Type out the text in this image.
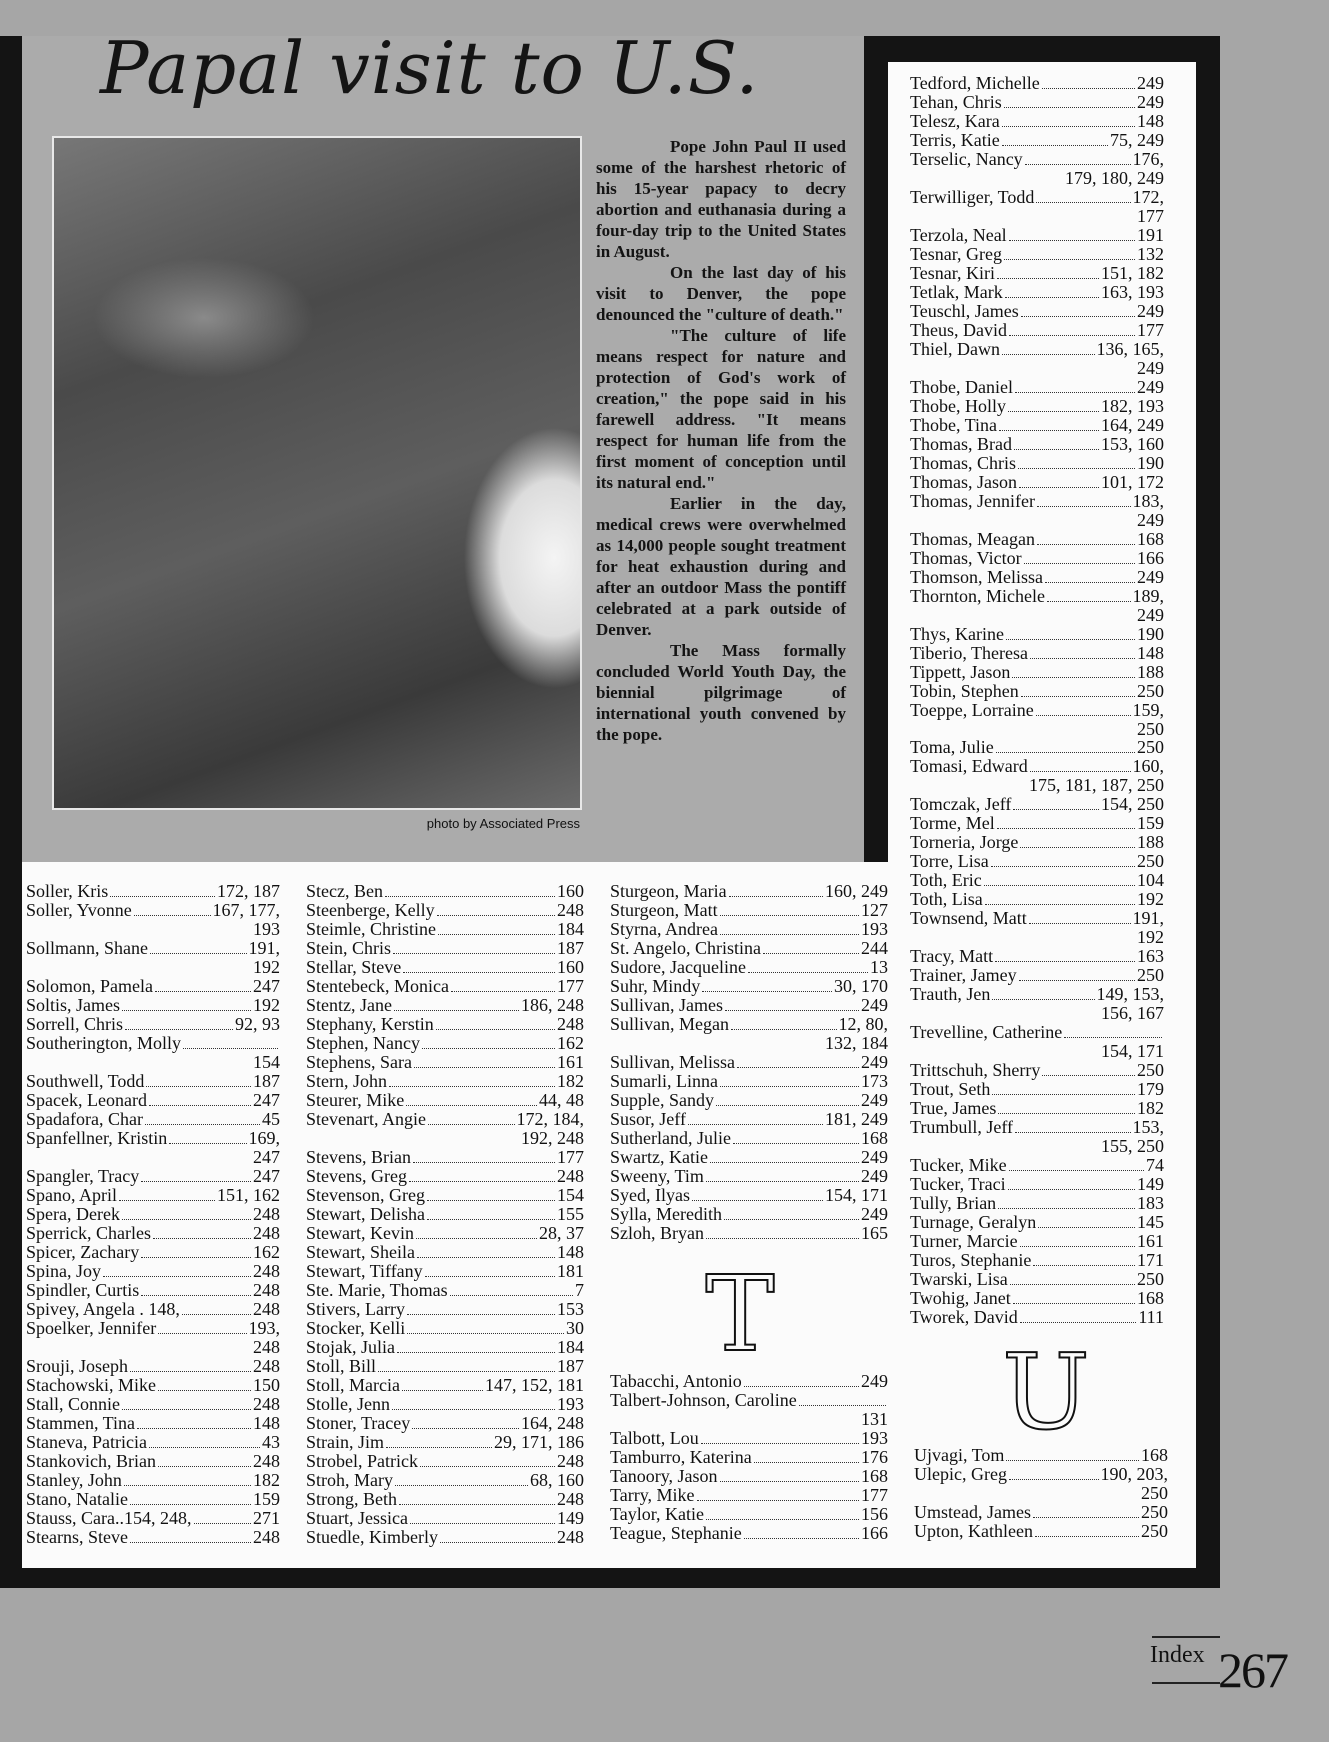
Papal visit to U.S.
photo by Associated Press

Pope John Paul II used some of the harshest rhetoric of his 15-year papacy to decry abortion and euthanasia during a four-day trip to the United States in August.

On the last day of his visit to Denver, the pope denounced the "culture of death."

"The culture of life means respect for nature and protection of God's work of creation," the pope said in his farewell address. "It means respect for human life from the first moment of conception until its natural end."

Earlier in the day, medical crews were overwhelmed as 14,000 people sought treatment for heat exhaustion during and after an outdoor Mass the pontiff celebrated at a park outside of Denver.

The Mass formally concluded World Youth Day, the biennial pilgrimage of international youth convened by the pope.

Soller, Kris	172, 187
Soller, Yvonne	167, 177,
193
Sollmann, Shane	191,
192
Solomon, Pamela	247
Soltis, James	192
Sorrell, Chris	92, 93
Southerington, Molly
154
Southwell, Todd	187
Spacek, Leonard	247
Spadafora, Char	45
Spanfellner, Kristin	169,
247
Spangler, Tracy	247
Spano, April	151, 162
Spera, Derek	248
Sperrick, Charles	248
Spicer, Zachary	162
Spina, Joy	248
Spindler, Curtis	248
Spivey, Angela . 148,	248
Spoelker, Jennifer	193,
248
Srouji, Joseph	248
Stachowski, Mike	150
Stall, Connie	248
Stammen, Tina	148
Staneva, Patricia	43
Stankovich, Brian	248
Stanley, John	182
Stano, Natalie	159
Stauss, Cara..154, 248,	271
Stearns, Steve	248
Stecz, Ben	160
Steenberge, Kelly	248
Steimle, Christine	184
Stein, Chris	187
Stellar, Steve	160
Stentebeck, Monica	177
Stentz, Jane	186, 248
Stephany, Kerstin	248
Stephen, Nancy	162
Stephens, Sara	161
Stern, John	182
Steurer, Mike	44, 48
Stevenart, Angie	172, 184,
192, 248
Stevens, Brian	177
Stevens, Greg	248
Stevenson, Greg	154
Stewart, Delisha	155
Stewart, Kevin	28, 37
Stewart, Sheila	148
Stewart, Tiffany	181
Ste. Marie, Thomas	7
Stivers, Larry	153
Stocker, Kelli	30
Stojak, Julia	184
Stoll, Bill	187
Stoll, Marcia	147, 152, 181
Stolle, Jenn	193
Stoner, Tracey	164, 248
Strain, Jim	29, 171, 186
Strobel, Patrick	248
Stroh, Mary	68, 160
Strong, Beth	248
Stuart, Jessica	149
Stuedle, Kimberly	248
Sturgeon, Maria	160, 249
Sturgeon, Matt	127
Styrna, Andrea	193
St. Angelo, Christina	244
Sudore, Jacqueline	13
Suhr, Mindy	30, 170
Sullivan, James	249
Sullivan, Megan	12, 80,
132, 184
Sullivan, Melissa	249
Sumarli, Linna	173
Supple, Sandy	249
Susor, Jeff	181, 249
Sutherland, Julie	168
Swartz, Katie	249
Sweeny, Tim	249
Syed, Ilyas	154, 171
Sylla, Meredith	249
Szloh, Bryan	165
Tabacchi, Antonio	249
Talbert-Johnson, Caroline
131
Talbott, Lou	193
Tamburro, Katerina	176
Tanoory, Jason	168
Tarry, Mike	177
Taylor, Katie	156
Teague, Stephanie	166
Tedford, Michelle	249
Tehan, Chris	249
Telesz, Kara	148
Terris, Katie	75, 249
Terselic, Nancy	176,
179, 180, 249
Terwilliger, Todd	172,
177
Terzola, Neal	191
Tesnar, Greg	132
Tesnar, Kiri	151, 182
Tetlak, Mark	163, 193
Teuschl, James	249
Theus, David	177
Thiel, Dawn	136, 165,
249
Thobe, Daniel	249
Thobe, Holly	182, 193
Thobe, Tina	164, 249
Thomas, Brad	153, 160
Thomas, Chris	190
Thomas, Jason	101, 172
Thomas, Jennifer	183,
249
Thomas, Meagan	168
Thomas, Victor	166
Thomson, Melissa	249
Thornton, Michele	189,
249
Thys, Karine	190
Tiberio, Theresa	148
Tippett, Jason	188
Tobin, Stephen	250
Toeppe, Lorraine	159,
250
Toma, Julie	250
Tomasi, Edward	160,
175, 181, 187, 250
Tomczak, Jeff	154, 250
Torme, Mel	159
Torneria, Jorge	188
Torre, Lisa	250
Toth, Eric	104
Toth, Lisa	192
Townsend, Matt	191,
192
Tracy, Matt	163
Trainer, Jamey	250
Trauth, Jen	149, 153,
156, 167
Trevelline, Catherine
154, 171
Trittschuh, Sherry	250
Trout, Seth	179
True, James	182
Trumbull, Jeff	153,
155, 250
Tucker, Mike	74
Tucker, Traci	149
Tully, Brian	183
Turnage, Geralyn	145
Turner, Marcie	161
Turos, Stephanie	171
Twarski, Lisa	250
Twohig, Janet	168
Tworek, David	111
Ujvagi, Tom	168
Ulepic, Greg	190, 203,
250
Umstead, James	250
Upton, Kathleen	250
T
U
Index 267
